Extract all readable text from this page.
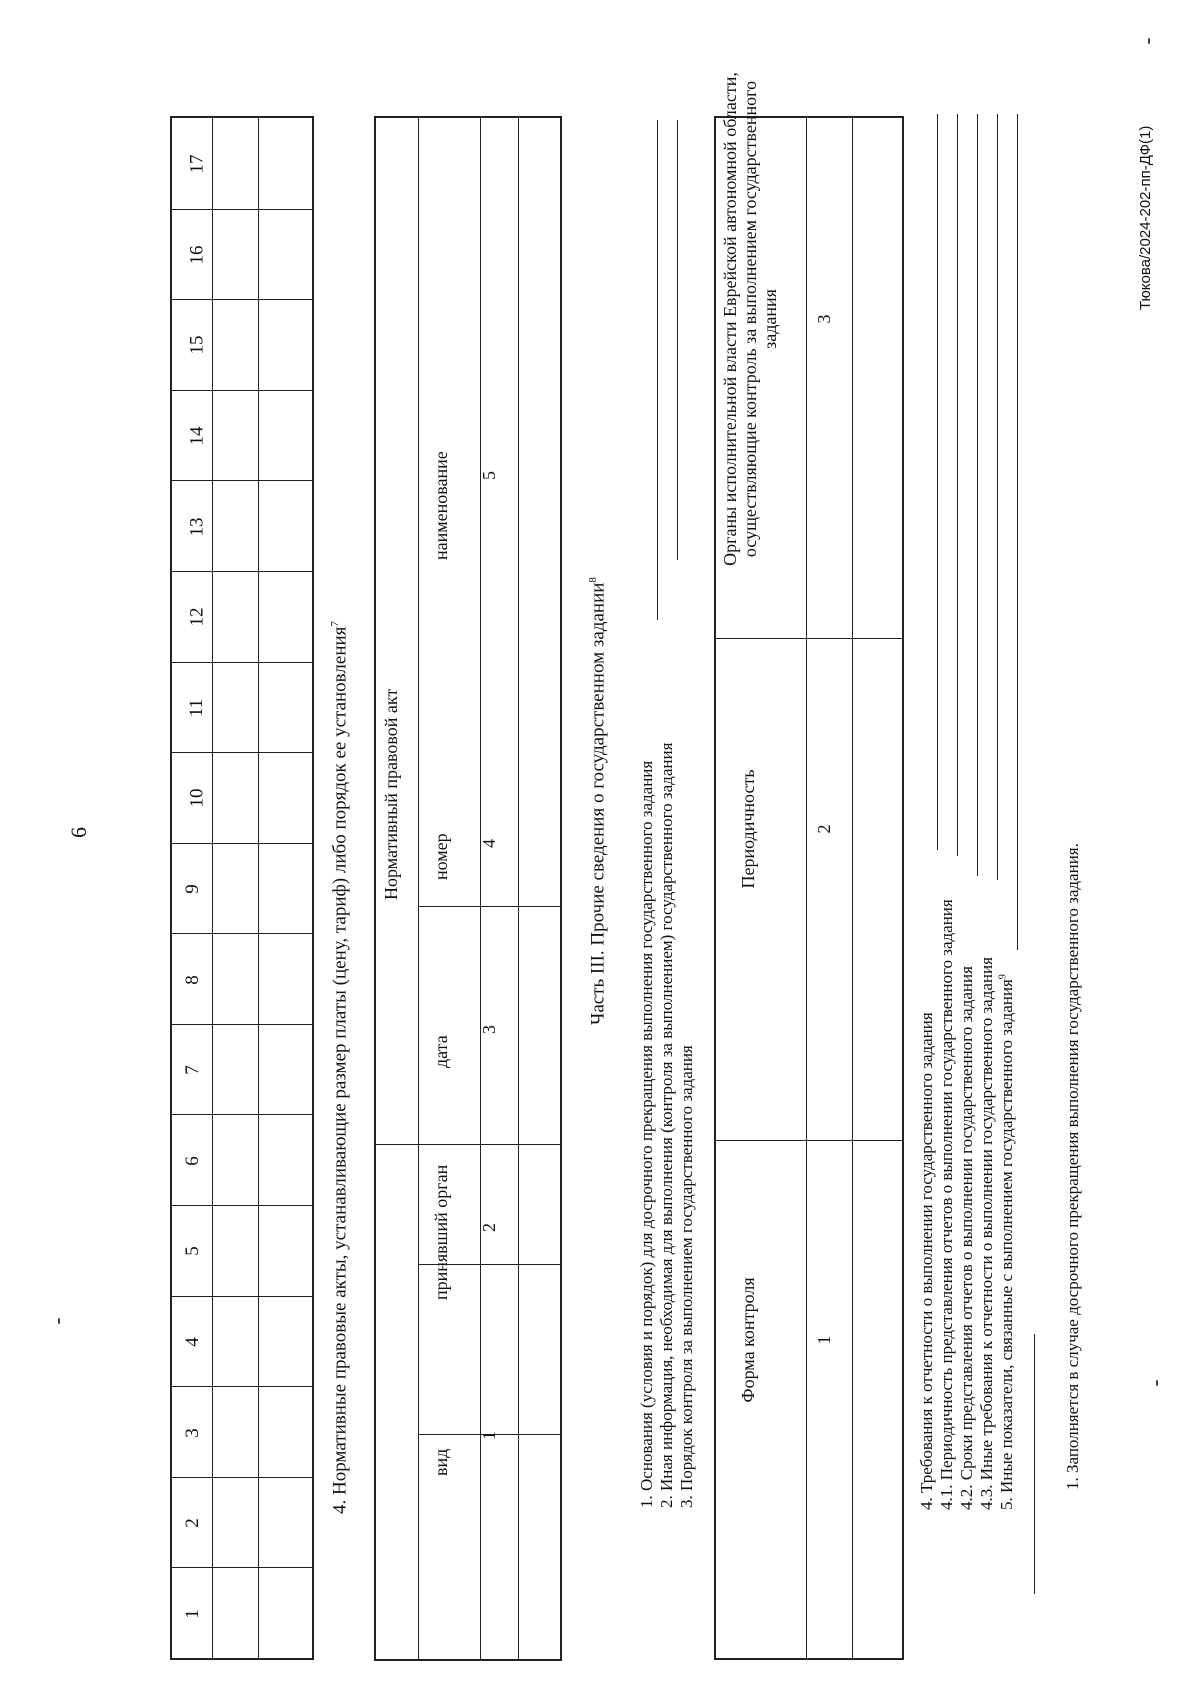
6
1
2
3
4
5
6
7
8
9
10
11
12
13
14
15
16
17
4. Нормативные правовые акты, устанавливающие размер платы (цену, тариф) либо порядок ее установления$^7$
Нормативный правовой акт
вид
принявший орган
дата
номер
наименование
1
2
3
4
5
Часть III. Прочие сведения о государственном задании$^8$
1. Основания (условия и порядок) для досрочного прекращения выполнения государственного задания 2. Иная информация, необходимая для выполнения (контроля за выполнением) государственного задания 3. Порядок контроля за выполнением государственного задания Форма контроля
Периодичность
Органы исполнительной власти Еврейской автономной области, осуществляющие контроль за выполнением государственного задания
1
2
3
4. Требования к отчетности о выполнении государственного задания 4.1. Периодичность представления отчетов о выполнении государственного задания 4.2. Сроки представления отчетов о выполнении государственного задания 4.3. Иные требования к отчетности о выполнении государственного задания 5. Иные показатели, связанные с выполнением государственного задания$^9$	1. Заполняется в случае досрочного прекращения выполнения государственного задания.
Тюкова/2024-202-пп-ДФ(1)
